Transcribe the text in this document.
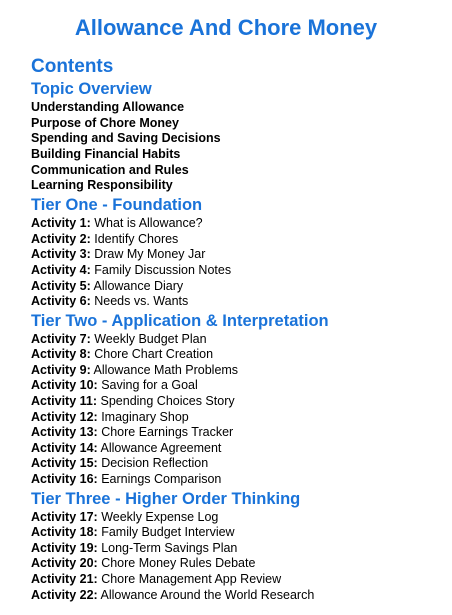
Allowance And Chore Money
Contents
Topic Overview
Understanding Allowance
Purpose of Chore Money
Spending and Saving Decisions
Building Financial Habits
Communication and Rules
Learning Responsibility
Tier One - Foundation
Activity 1: What is Allowance?
Activity 2: Identify Chores
Activity 3: Draw My Money Jar
Activity 4: Family Discussion Notes
Activity 5: Allowance Diary
Activity 6: Needs vs. Wants
Tier Two - Application & Interpretation
Activity 7: Weekly Budget Plan
Activity 8: Chore Chart Creation
Activity 9: Allowance Math Problems
Activity 10: Saving for a Goal
Activity 11: Spending Choices Story
Activity 12: Imaginary Shop
Activity 13: Chore Earnings Tracker
Activity 14: Allowance Agreement
Activity 15: Decision Reflection
Activity 16: Earnings Comparison
Tier Three - Higher Order Thinking
Activity 17: Weekly Expense Log
Activity 18: Family Budget Interview
Activity 19: Long-Term Savings Plan
Activity 20: Chore Money Rules Debate
Activity 21: Chore Management App Review
Activity 22: Allowance Around the World Research
